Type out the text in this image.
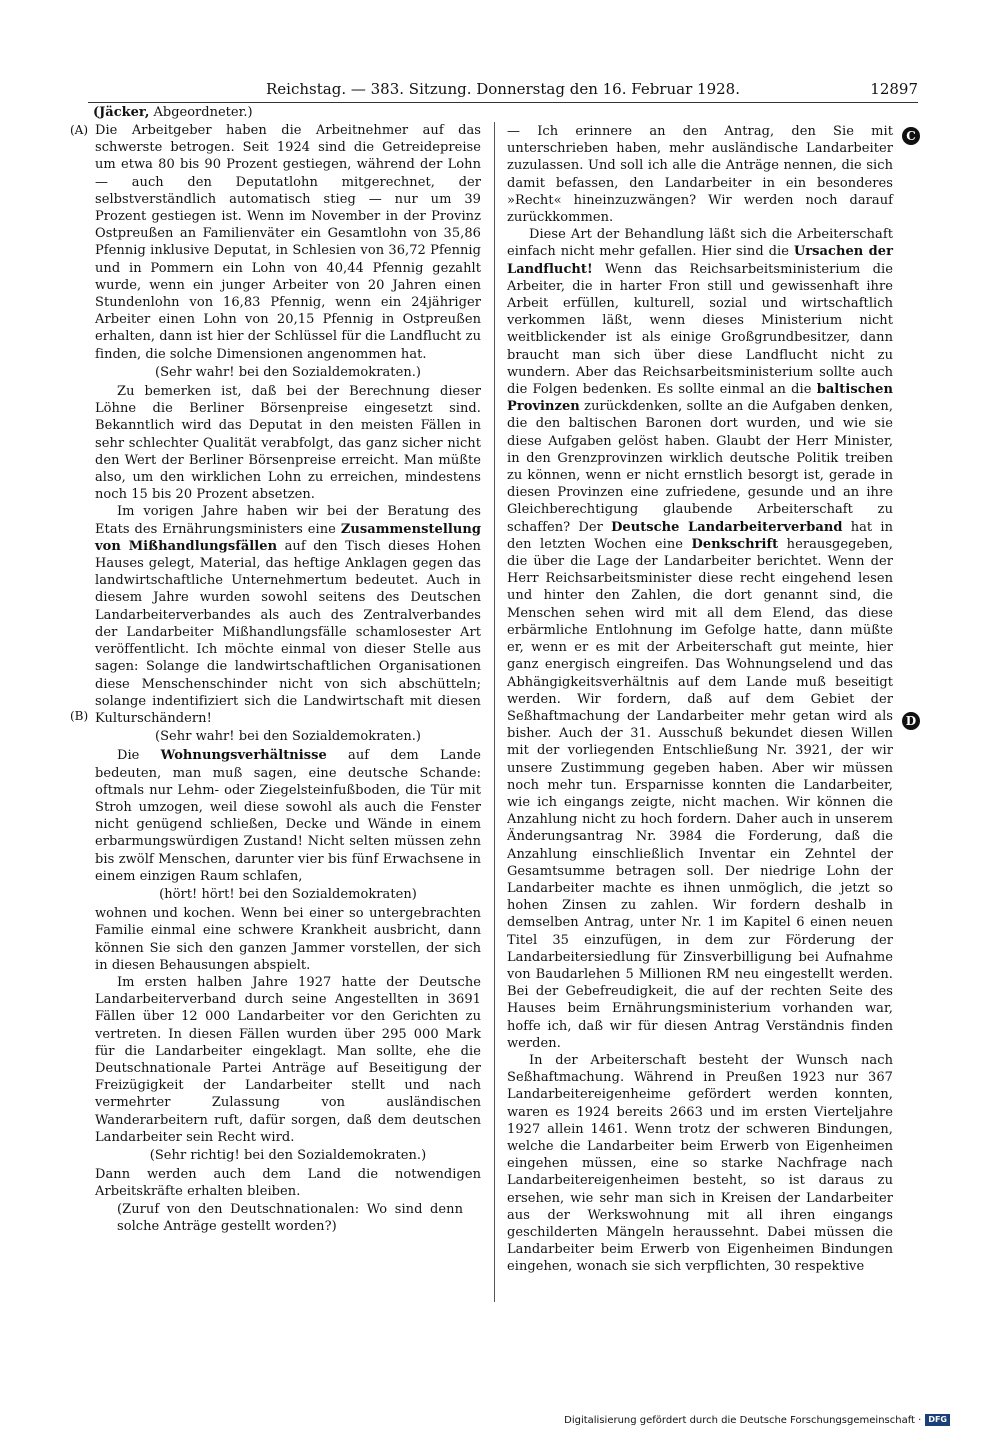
Reichstag. — 383. Sitzung. Donnerstag den 16. Februar 1928.	12897
(Jäcker, Abgeordneter.)
(A)
(B)
C
D

Die Arbeitgeber haben die Arbeitnehmer auf das schwerste betrogen. Seit 1924 sind die Getreidepreise um etwa 80 bis 90 Prozent gestiegen, während der Lohn — auch den Deputatlohn mitgerechnet, der selbstverständlich automatisch stieg — nur um 39 Prozent gestiegen ist. Wenn im November in der Provinz Ostpreußen an Familienväter ein Gesamtlohn von 35,86 Pfennig inklusive Deputat, in Schlesien von 36,72 Pfennig und in Pommern ein Lohn von 40,44 Pfennig gezahlt wurde, wenn ein junger Arbeiter von 20 Jahren einen Stundenlohn von 16,83 Pfennig, wenn ein 24jähriger Arbeiter einen Lohn von 20,15 Pfennig in Ostpreußen erhalten, dann ist hier der Schlüssel für die Landflucht zu finden, die solche Dimensionen angenommen hat.

(Sehr wahr! bei den Sozialdemokraten.)

Zu bemerken ist, daß bei der Berechnung dieser Löhne die Berliner Börsenpreise eingesetzt sind. Bekanntlich wird das Deputat in den meisten Fällen in sehr schlechter Qualität verabfolgt, das ganz sicher nicht den Wert der Berliner Börsenpreise erreicht. Man müßte also, um den wirklichen Lohn zu erreichen, mindestens noch 15 bis 20 Prozent absetzen.

Im vorigen Jahre haben wir bei der Beratung des Etats des Ernährungsministers eine Zusammenstellung von Mißhandlungsfällen auf den Tisch dieses Hohen Hauses gelegt, Material, das heftige Anklagen gegen das landwirtschaftliche Unternehmertum bedeutet. Auch in diesem Jahre wurden sowohl seitens des Deutschen Landarbeiterverbandes als auch des Zentralverbandes der Landarbeiter Mißhandlungsfälle schamlosester Art veröffentlicht. Ich möchte einmal von dieser Stelle aus sagen: Solange die landwirtschaftlichen Organisationen diese Menschenschinder nicht von sich abschütteln; solange indentifiziert sich die Landwirtschaft mit diesen Kulturschändern!

(Sehr wahr! bei den Sozialdemokraten.)

Die Wohnungsverhältnisse auf dem Lande bedeuten, man muß sagen, eine deutsche Schande: oftmals nur Lehm- oder Ziegelsteinfußboden, die Tür mit Stroh umzogen, weil diese sowohl als auch die Fenster nicht genügend schließen, Decke und Wände in einem erbarmungswürdigen Zustand! Nicht selten müssen zehn bis zwölf Menschen, darunter vier bis fünf Erwachsene in einem einzigen Raum schlafen,

(hört! hört! bei den Sozialdemokraten)

wohnen und kochen. Wenn bei einer so untergebrachten Familie einmal eine schwere Krankheit ausbricht, dann können Sie sich den ganzen Jammer vorstellen, der sich in diesen Behausungen abspielt.

Im ersten halben Jahre 1927 hatte der Deutsche Landarbeiterverband durch seine Angestellten in 3691 Fällen über 12 000 Landarbeiter vor den Gerichten zu vertreten. In diesen Fällen wurden über 295 000 Mark für die Landarbeiter eingeklagt. Man sollte, ehe die Deutschnationale Partei Anträge auf Beseitigung der Freizügigkeit der Landarbeiter stellt und nach vermehrter Zulassung von ausländischen Wanderarbeitern ruft, dafür sorgen, daß dem deutschen Landarbeiter sein Recht wird.

(Sehr richtig! bei den Sozialdemokraten.)

Dann werden auch dem Land die notwendigen Arbeitskräfte erhalten bleiben.

(Zuruf von den Deutschnationalen: Wo sind denn solche Anträge gestellt worden?)

— Ich erinnere an den Antrag, den Sie mit unterschrieben haben, mehr ausländische Landarbeiter zuzulassen. Und soll ich alle die Anträge nennen, die sich damit befassen, den Landarbeiter in ein besonderes »Recht« hineinzuzwängen? Wir werden noch darauf zurückkommen.

Diese Art der Behandlung läßt sich die Arbeiterschaft einfach nicht mehr gefallen. Hier sind die Ursachen der Landflucht! Wenn das Reichsarbeitsministerium die Arbeiter, die in harter Fron still und gewissenhaft ihre Arbeit erfüllen, kulturell, sozial und wirtschaftlich verkommen läßt, wenn dieses Ministerium nicht weitblickender ist als einige Großgrundbesitzer, dann braucht man sich über diese Landflucht nicht zu wundern. Aber das Reichsarbeitsministerium sollte auch die Folgen bedenken. Es sollte einmal an die baltischen Provinzen zurückdenken, sollte an die Aufgaben denken, die den baltischen Baronen dort wurden, und wie sie diese Aufgaben gelöst haben. Glaubt der Herr Minister, in den Grenzprovinzen wirklich deutsche Politik treiben zu können, wenn er nicht ernstlich besorgt ist, gerade in diesen Provinzen eine zufriedene, gesunde und an ihre Gleichberechtigung glaubende Arbeiterschaft zu schaffen? Der Deutsche Landarbeiterverband hat in den letzten Wochen eine Denkschrift herausgegeben, die über die Lage der Landarbeiter berichtet. Wenn der Herr Reichsarbeitsminister diese recht eingehend lesen und hinter den Zahlen, die dort genannt sind, die Menschen sehen wird mit all dem Elend, das diese erbärmliche Entlohnung im Gefolge hatte, dann müßte er, wenn er es mit der Arbeiterschaft gut meinte, hier ganz energisch eingreifen. Das Wohnungselend und das Abhängigkeitsverhältnis auf dem Lande muß beseitigt werden. Wir fordern, daß auf dem Gebiet der Seßhaftmachung der Landarbeiter mehr getan wird als bisher. Auch der 31. Ausschuß bekundet diesen Willen mit der vorliegenden Entschließung Nr. 3921, der wir unsere Zustimmung gegeben haben. Aber wir müssen noch mehr tun. Ersparnisse konnten die Landarbeiter, wie ich eingangs zeigte, nicht machen. Wir können die Anzahlung nicht zu hoch fordern. Daher auch in unserem Änderungsantrag Nr. 3984 die Forderung, daß die Anzahlung einschließlich Inventar ein Zehntel der Gesamtsumme betragen soll. Der niedrige Lohn der Landarbeiter machte es ihnen unmöglich, die jetzt so hohen Zinsen zu zahlen. Wir fordern deshalb in demselben Antrag, unter Nr. 1 im Kapitel 6 einen neuen Titel 35 einzufügen, in dem zur Förderung der Landarbeitersiedlung für Zinsverbilligung bei Aufnahme von Baudarlehen 5 Millionen RM neu eingestellt werden. Bei der Gebefreudigkeit, die auf der rechten Seite des Hauses beim Ernährungsministerium vorhanden war, hoffe ich, daß wir für diesen Antrag Verständnis finden werden.

In der Arbeiterschaft besteht der Wunsch nach Seßhaftmachung. Während in Preußen 1923 nur 367 Landarbeitereigenheime gefördert werden konnten, waren es 1924 bereits 2663 und im ersten Vierteljahre 1927 allein 1461. Wenn trotz der schweren Bindungen, welche die Landarbeiter beim Erwerb von Eigenheimen eingehen müssen, eine so starke Nachfrage nach Landarbeitereigenheimen besteht, so ist daraus zu ersehen, wie sehr man sich in Kreisen der Landarbeiter aus der Werkswohnung mit all ihren eingangs geschilderten Mängeln heraussehnt. Dabei müssen die Landarbeiter beim Erwerb von Eigenheimen Bindungen eingehen, wonach sie sich verpflichten, 30 respektive

Digitalisierung gefördert durch die Deutsche Forschungsgemeinschaft · DFG
